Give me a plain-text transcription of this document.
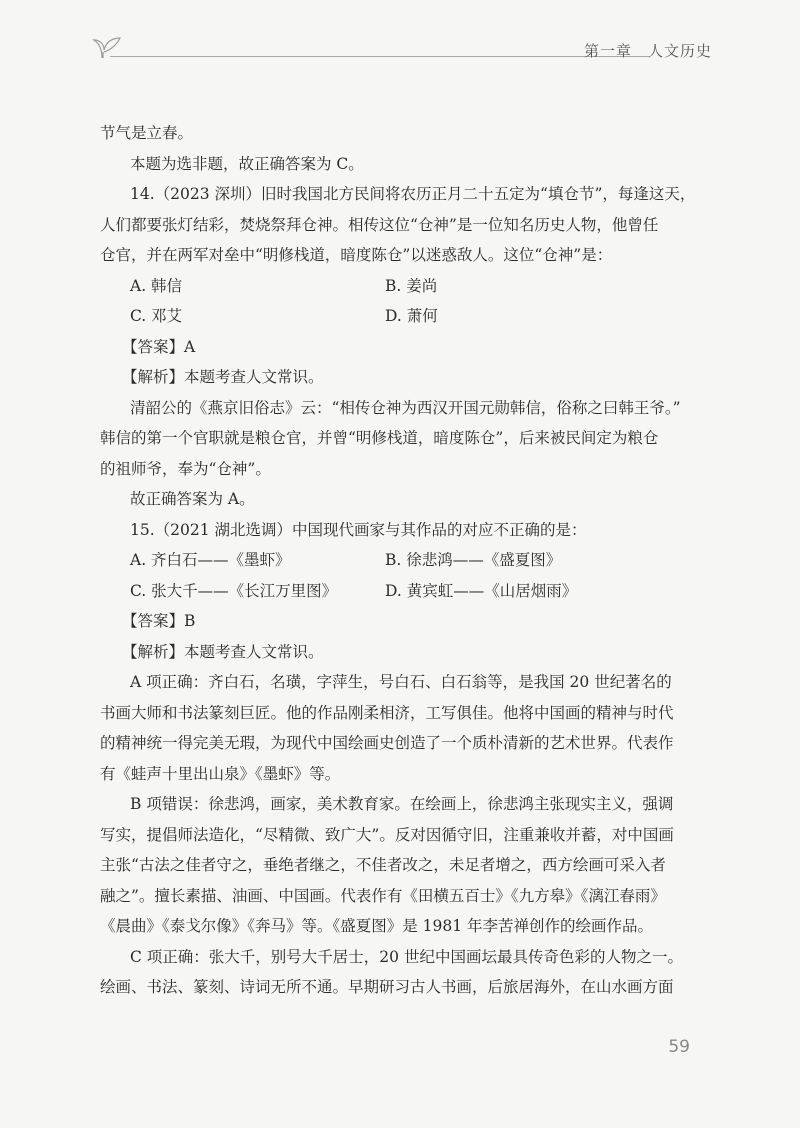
第一章　人文历史
节气是立春。
本题为选非题，故正确答案为 C。
14.（2023 深圳）旧时我国北方民间将农历正月二十五定为“填仓节”，每逢这天，
人们都要张灯结彩，焚烧祭拜仓神。相传这位“仓神”是一位知名历史人物，他曾任
仓官，并在两军对垒中“明修栈道，暗度陈仓”以迷惑敌人。这位“仓神”是：
A. 韩信	B. 姜尚
C. 邓艾	D. 萧何
【答案】A
【解析】本题考查人文常识。
清韶公的《燕京旧俗志》云：“相传仓神为西汉开国元勋韩信，俗称之曰韩王爷。”
韩信的第一个官职就是粮仓官，并曾“明修栈道，暗度陈仓”，后来被民间定为粮仓
的祖师爷，奉为“仓神”。
故正确答案为 A。
15.（2021 湖北选调）中国现代画家与其作品的对应不正确的是：
A. 齐白石——《墨虾》	B. 徐悲鸿——《盛夏图》
C. 张大千——《长江万里图》	D. 黄宾虹——《山居烟雨》
【答案】B
【解析】本题考查人文常识。
A 项正确：齐白石，名璜，字萍生，号白石、白石翁等，是我国 20 世纪著名的
书画大师和书法篆刻巨匠。他的作品刚柔相济，工写俱佳。他将中国画的精神与时代
的精神统一得完美无瑕，为现代中国绘画史创造了一个质朴清新的艺术世界。代表作
有《蛙声十里出山泉》《墨虾》等。
B 项错误：徐悲鸿，画家，美术教育家。在绘画上，徐悲鸿主张现实主义，强调
写实，提倡师法造化，“尽精微、致广大”。反对因循守旧，注重兼收并蓄，对中国画
主张“古法之佳者守之，垂绝者继之，不佳者改之，未足者增之，西方绘画可采入者
融之”。擅长素描、油画、中国画。代表作有《田横五百士》《九方皋》《漓江春雨》
《晨曲》《泰戈尔像》《奔马》等。《盛夏图》是 1981 年李苦禅创作的绘画作品。
C 项正确：张大千，别号大千居士，20 世纪中国画坛最具传奇色彩的人物之一。
绘画、书法、篆刻、诗词无所不通。早期研习古人书画，后旅居海外，在山水画方面
59
